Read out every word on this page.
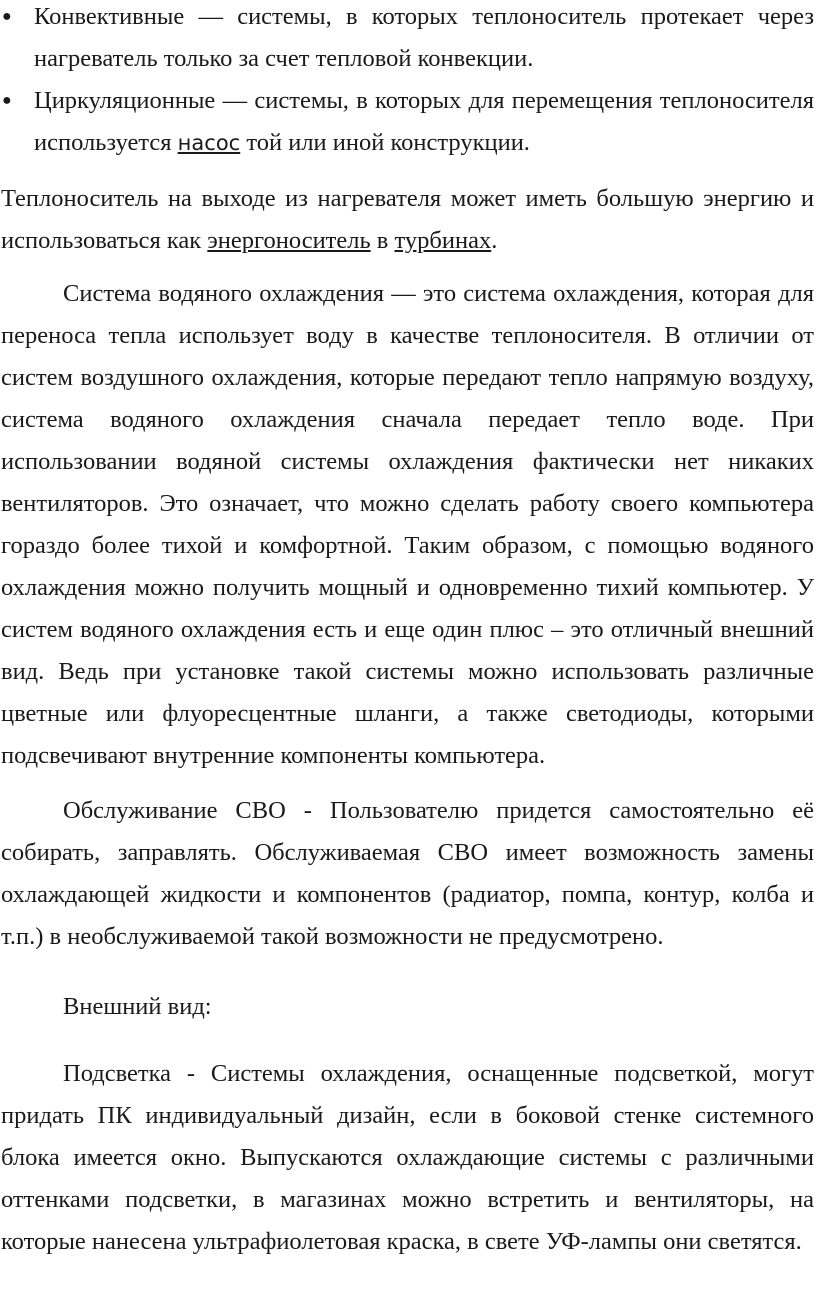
● Конвективные — системы, в которых теплоноситель протекает через нагреватель только за счет тепловой конвекции.

● Циркуляционные — системы, в которых для перемещения теплоносителя используется насос той или иной конструкции.

Теплоноситель на выходе из нагревателя может иметь большую энергию и использоваться как энергоноситель в турбинах.

Система водяного охлаждения — это система охлаждения, которая для переноса тепла использует воду в качестве теплоносителя. В отличии от систем воздушного охлаждения, которые передают тепло напрямую воздуху, система водяного охлаждения сначала передает тепло воде. При использовании водяной системы охлаждения фактически нет никаких вентиляторов. Это означает, что можно сделать работу своего компьютера гораздо более тихой и комфортной. Таким образом, с помощью водяного охлаждения можно получить мощный и одновременно тихий компьютер. У систем водяного охлаждения есть и еще один плюс – это отличный внешний вид. Ведь при установке такой системы можно использовать различные цветные или флуоресцентные шланги, а также светодиоды, которыми подсвечивают внутренние компоненты компьютера.

Обслуживание СВО - Пользователю придется самостоятельно её собирать, заправлять. Обслуживаемая СВО имеет возможность замены охлаждающей жидкости и компонентов (радиатор, помпа, контур, колба и т.п.) в необслуживаемой такой возможности не предусмотрено.

Внешний вид:

Подсветка - Системы охлаждения, оснащенные подсветкой, могут придать ПК индивидуальный дизайн, если в боковой стенке системного блока имеется окно. Выпускаются охлаждающие системы с различными оттенками подсветки, в магазинах можно встретить и вентиляторы, на которые нанесена ультрафиолетовая краска, в свете УФ-лампы они светятся.
